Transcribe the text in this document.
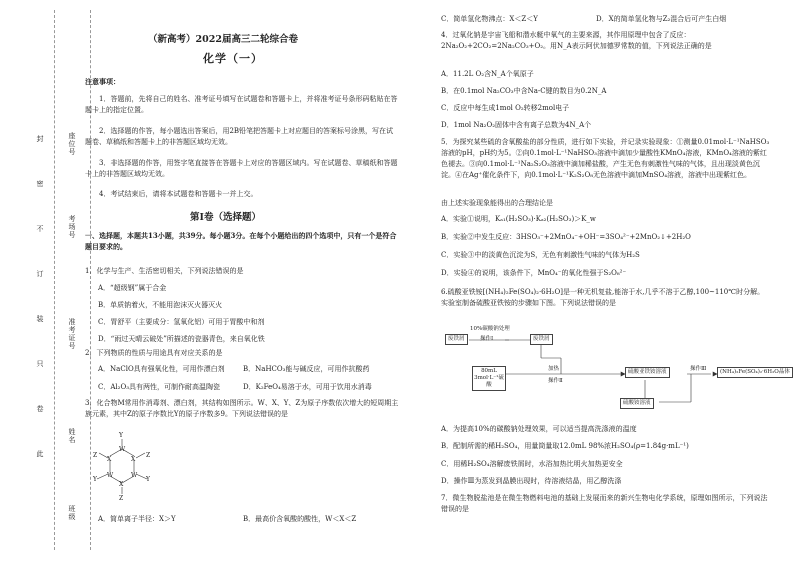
封
密
不
订
装
只
卷
此
座位号
考场号
准考证号
姓名
班级
（新高考）2022届高三二轮综合卷
化学（一）
注意事项：
1．答题前，先将自己的姓名、准考证号填写在试题卷和答题卡上，并将准考证号条形码粘贴在答题卡上的指定位置。
2．选择题的作答，每小题选出答案后，用2B铅笔把答题卡上对应题目的答案标号涂黑，写在试题卷、草稿纸和答题卡上的非答题区域均无效。
3．非选择题的作答，用签字笔直接答在答题卡上对应的答题区域内。写在试题卷、草稿纸和答题卡上的非答题区域均无效。
4．考试结束后，请将本试题卷和答题卡一并上交。
第Ⅰ卷（选择题）
一、选择题，本题共13小题，共39分。每小题3分。在每个小题给出的四个选项中，只有一个是符合题目要求的。
1．化学与生产、生活密切相关，下列说法错误的是
A．“超级钢”属于合金
B．单质钠着火，不能用泡沫灭火器灭火
C．胃舒平（主要成分：氢氧化铝）可用于胃酸中和剂
D．“雨过天晴云破处”所描述的瓷器青色，来自氧化铁
2．下列物质的性质与用途具有对应关系的是
A．NaClO具有强氧化性，可用作漂白剂	B．NaHCO₃能与碱反应，可用作抗酸药
C．Al₂O₃具有两性，可制作耐高温陶瓷	D．K₂FeO₄易溶于水，可用于饮用水消毒
3．化合物M常用作消毒剂、漂白剂，其结构如图所示。W、X、Y、Z为原子序数依次增大的短周期主族元素，其中Z的原子序数比Y的原子序数多9。下列说法错误的是
Y
Z
X
W
X
Z
Y
W	W
Y
X
Z
A．简单离子半径：X＞Y	B．最高价含氧酸的酸性，W＜X＜Z
C．简单氢化物沸点：X＜Z＜Y	D．X的简单氢化物与Z₂混合后可产生白烟
4．过氧化钠是宇宙飞船和潜水艇中氧气的主要来源，其作用原理中包含了反应：2Na₂O₂+2CO₂=2Na₂CO₃+O₂。用N_A表示阿伏加德罗常数的值，下列说法正确的是
A．11.2L O₂含N_A个氧原子
B．在0.1mol Na₂CO₃中含Na-C键的数目为0.2N_A
C．反应中每生成1mol O₂转移2mol电子
D．1mol Na₂O₂固体中含有离子总数为4N_A个
5．为探究某些硫的含氧酸盐的部分性质，进行如下实验，并记录实验现象：①测量0.01mol·L⁻¹NaHSO₃溶液的pH，pH约为5。②向0.1mol·L⁻¹NaHSO₃溶液中滴加少量酸性KMnO₄溶液，KMnO₄溶液的紫红色褪去。③向0.1mol·L⁻¹Na₂S₂O₃溶液中滴加稀盐酸，产生无色有刺激性气味的气体，且出现淡黄色沉淀。④在Ag⁺催化条件下，向0.1mol·L⁻¹K₂S₂O₈无色溶液中滴加MnSO₄溶液，溶液中出现紫红色。
由上述实验现象能得出的合理结论是
A．实验①说明，Kₐ₁(H₂SO₃)·Kₐ₂(H₂SO₃)＞K_w
B．实验②中发生反应：3HSO₃⁻+2MnO₄⁻+OH⁻=3SO₄²⁻+2MnO₂↓+2H₂O
C．实验③中的淡黄色沉淀为S，无色有刺激性气味的气体为H₂S
D．实验④的说明，该条件下，MnO₄⁻的氧化性强于S₂O₈²⁻
6.硫酸亚铁铵[(NH₄)₂Fe(SO₄)₂·6H₂O]是一种无机复盐,能溶于水,几乎不溶于乙醇,100~110℃时分解。实验室制备硫酸亚铁铵的步骤如下图。下列说法错误的是
废铁屑
10%碳酸钠处理
操作Ⅰ	废铁屑
80mL 3mol·L⁻¹硫酸
加热
操作Ⅱ
硫酸亚铁铵溶液	操作Ⅲ	(NH₄)₂Fe(SO₄)₂·6H₂O晶体
硫酸铵溶液
A．为提高10%的碳酸钠处理效果，可以适当提高洗涤液的温度
B．配制所需的稀H₂SO₄，用量筒量取12.0mL 98%浓H₂SO₄(ρ=1.84g·mL⁻¹)
C．用稀H₂SO₄溶解废铁屑时，水浴加热比明火加热更安全
D．操作Ⅲ为蒸发到晶膜出现时，待溶液结晶，用乙醇洗涤
7．微生物脱盐池是在微生物燃料电池的基础上发展而来的新兴生物电化学系统，原理如图所示，下列说法错误的是
